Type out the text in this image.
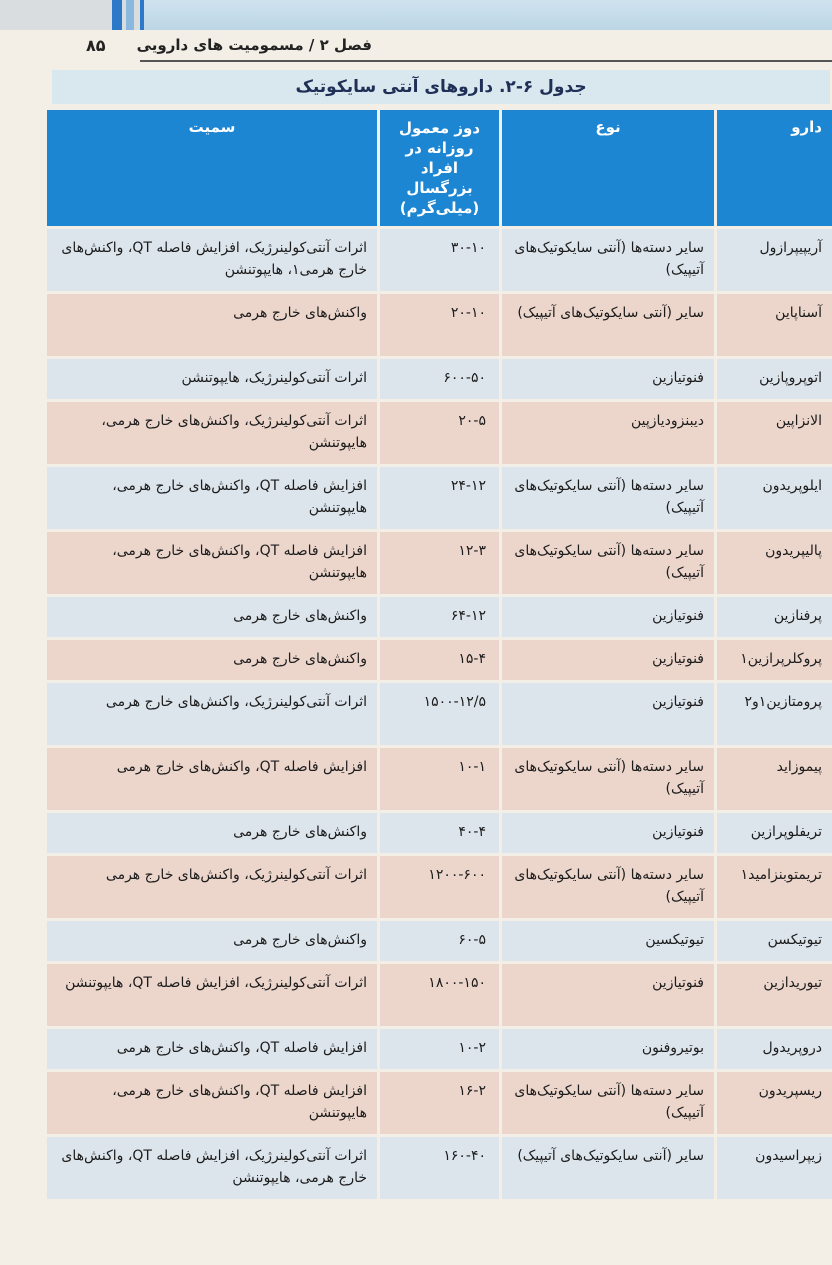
فصل ۲ / مسمومیت های دارویی
۸۵
جدول ۶-۲. داروهای آنتی سایکوتیک
دارو	نوع	دوز معمول روزانه در افراد بزرگسال (میلی‌گرم)	سمیت
آریپیپرازول	سایر دسته‌ها (آنتی سایکوتیک‌های آتیپیک)	۳۰-۱۰	اثرات آنتی‌کولینرژیک، افزایش فاصله QT، واکنش‌های خارج هرمی۱، هایپوتنشن
آسناپاین	سایر (آنتی سایکوتیک‌های آتیپیک)	۲۰-۱۰	واکنش‌های خارج هرمی
اتوپروپازین	فنوتیازین	۶۰۰-۵۰	اثرات آنتی‌کولینرژیک، هایپوتنشن
الانزاپین	دیبنزودیازپین	۲۰-۵	اثرات آنتی‌کولینرژیک، واکنش‌های خارج هرمی، هایپوتنشن
ایلوپریدون	سایر دسته‌ها (آنتی سایکوتیک‌های آتیپیک)	۲۴-۱۲	افزایش فاصله QT، واکنش‌های خارج هرمی، هایپوتنشن
پالیپریدون	سایر دسته‌ها (آنتی سایکوتیک‌های آتیپیک)	۱۲-۳	افزایش فاصله QT، واکنش‌های خارج هرمی، هایپوتنشن
پرفنازین	فنوتیازین	۶۴-۱۲	واکنش‌های خارج هرمی
پروکلرپرازین۱	فنوتیازین	۱۵-۴	واکنش‌های خارج هرمی
پرومتازین۱و۲	فنوتیازین	۱۵۰۰-۱۲/۵	اثرات آنتی‌کولینرژیک، واکنش‌های خارج هرمی
پیموزاید	سایر دسته‌ها (آنتی سایکوتیک‌های آتیپیک)	۱۰-۱	افزایش فاصله QT، واکنش‌های خارج هرمی
تریفلوپرازین	فنوتیازین	۴۰-۴	واکنش‌های خارج هرمی
تریمتوبنزامید۱	سایر دسته‌ها (آنتی سایکوتیک‌های آتیپیک)	۱۲۰۰-۶۰۰	اثرات آنتی‌کولینرژیک، واکنش‌های خارج هرمی
تیوتیکسن	تیوتیکسین	۶۰-۵	واکنش‌های خارج هرمی
تیوریدازین	فنوتیازین	۱۸۰۰-۱۵۰	اثرات آنتی‌کولینرژیک، افزایش فاصله QT، هایپوتنشن
دروپریدول	بوتیروفنون	۱۰-۲	افزایش فاصله QT، واکنش‌های خارج هرمی
ریسپریدون	سایر دسته‌ها (آنتی سایکوتیک‌های آتیپیک)	۱۶-۲	افزایش فاصله QT، واکنش‌های خارج هرمی، هایپوتنشن
زیپراسیدون	سایر (آنتی سایکوتیک‌های آتیپیک)	۱۶۰-۴۰	اثرات آنتی‌کولینرژیک، افزایش فاصله QT، واکنش‌های خارج هرمی، هایپوتنشن
